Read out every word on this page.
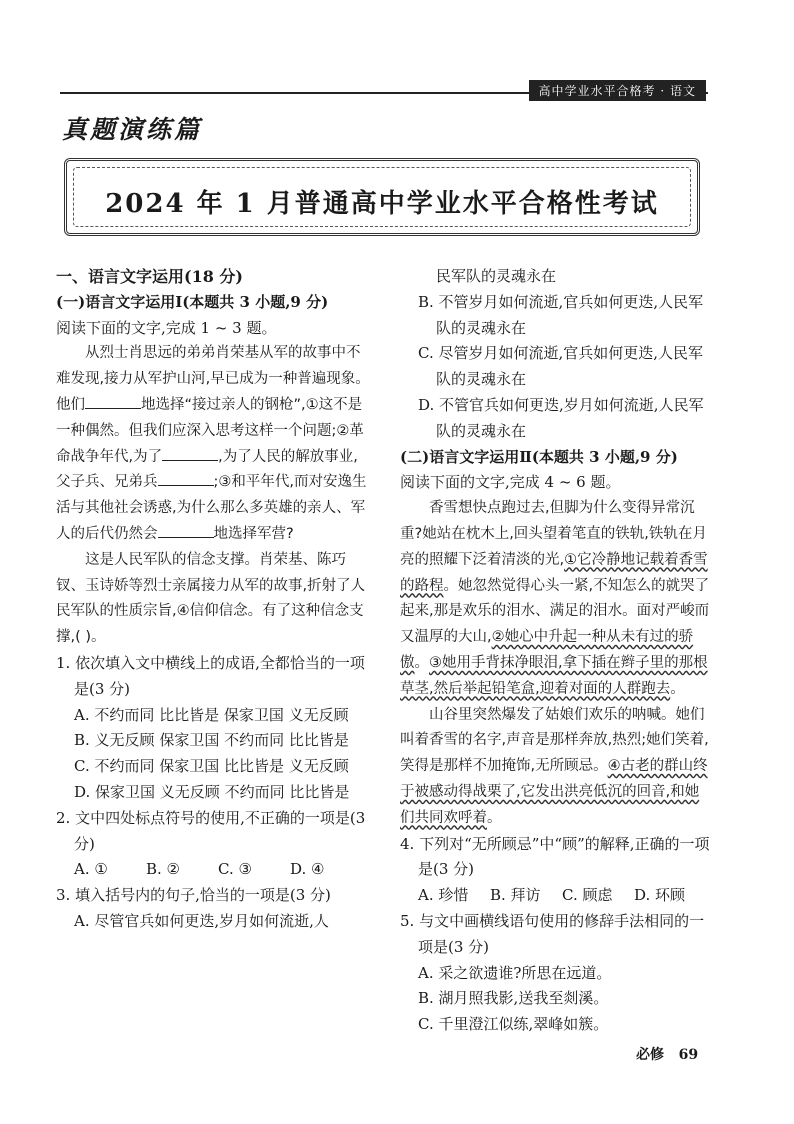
高中学业水平合格考 · 语文
真题演练篇
2024 年 1 月普通高中学业水平合格性考试

一、语言文字运用(18 分)

(一)语言文字运用Ⅰ(本题共 3 小题,9 分)

阅读下面的文字,完成 1 ~ 3 题。

从烈士肖思远的弟弟肖荣基从军的故事中不难发现,接力从军护山河,早已成为一种普遍现象。他们	地选择“接过亲人的钢枪”,①这不是一种偶然。但我们应深入思考这样一个问题;②革命战争年代,为了	,为了人民的解放事业,父子兵、兄弟兵	;③和平年代,而对安逸生活与其他社会诱惑,为什么那么多英雄的亲人、军人的后代仍然会	地选择军营?

这是人民军队的信念支撑。肖荣基、陈巧钗、玉诗娇等烈士亲属接力从军的故事,折射了人民军队的性质宗旨,④信仰信念。有了这种信念支撑,( )。

1. 依次填入文中横线上的成语,全都恰当的一项是(3 分)

A. 不约而同 比比皆是 保家卫国 义无反顾

B. 义无反顾 保家卫国 不约而同 比比皆是

C. 不约而同 保家卫国 比比皆是 义无反顾

D. 保家卫国 义无反顾 不约而同 比比皆是

2. 文中四处标点符号的使用,不正确的一项是(3 分)

A. ①	B. ②	C. ③	D. ④

3. 填入括号内的句子,恰当的一项是(3 分)

A. 尽管官兵如何更迭,岁月如何流逝,人

民军队的灵魂永在

B. 不管岁月如何流逝,官兵如何更迭,人民军队的灵魂永在

C. 尽管岁月如何流逝,官兵如何更迭,人民军队的灵魂永在

D. 不管官兵如何更迭,岁月如何流逝,人民军队的灵魂永在

(二)语言文字运用Ⅱ(本题共 3 小题,9 分)

阅读下面的文字,完成 4 ~ 6 题。

香雪想快点跑过去,但脚为什么变得异常沉重?她站在枕木上,回头望着笔直的铁轨,铁轨在月亮的照耀下泛着清淡的光,①它冷静地记载着香雪的路程。她忽然觉得心头一紧,不知怎么的就哭了起来,那是欢乐的泪水、满足的泪水。面对严峻而又温厚的大山,②她心中升起一种从未有过的骄傲。③她用手背抹净眼泪,拿下插在辫子里的那根草茎,然后举起铅笔盒,迎着对面的人群跑去。

山谷里突然爆发了姑娘们欢乐的呐喊。她们叫着香雪的名字,声音是那样奔放,热烈;她们笑着,笑得是那样不加掩饰,无所顾忌。④古老的群山终于被感动得战栗了,它发出洪亮低沉的回音,和她们共同欢呼着。

4. 下列对“无所顾忌”中“顾”的解释,正确的一项是(3 分)

A. 珍惜 B. 拜访 C. 顾虑 D. 环顾

5. 与文中画横线语句使用的修辞手法相同的一项是(3 分)

A. 采之欲遗谁?所思在远道。

B. 湖月照我影,送我至剡溪。

C. 千里澄江似练,翠峰如簇。

必修 69
